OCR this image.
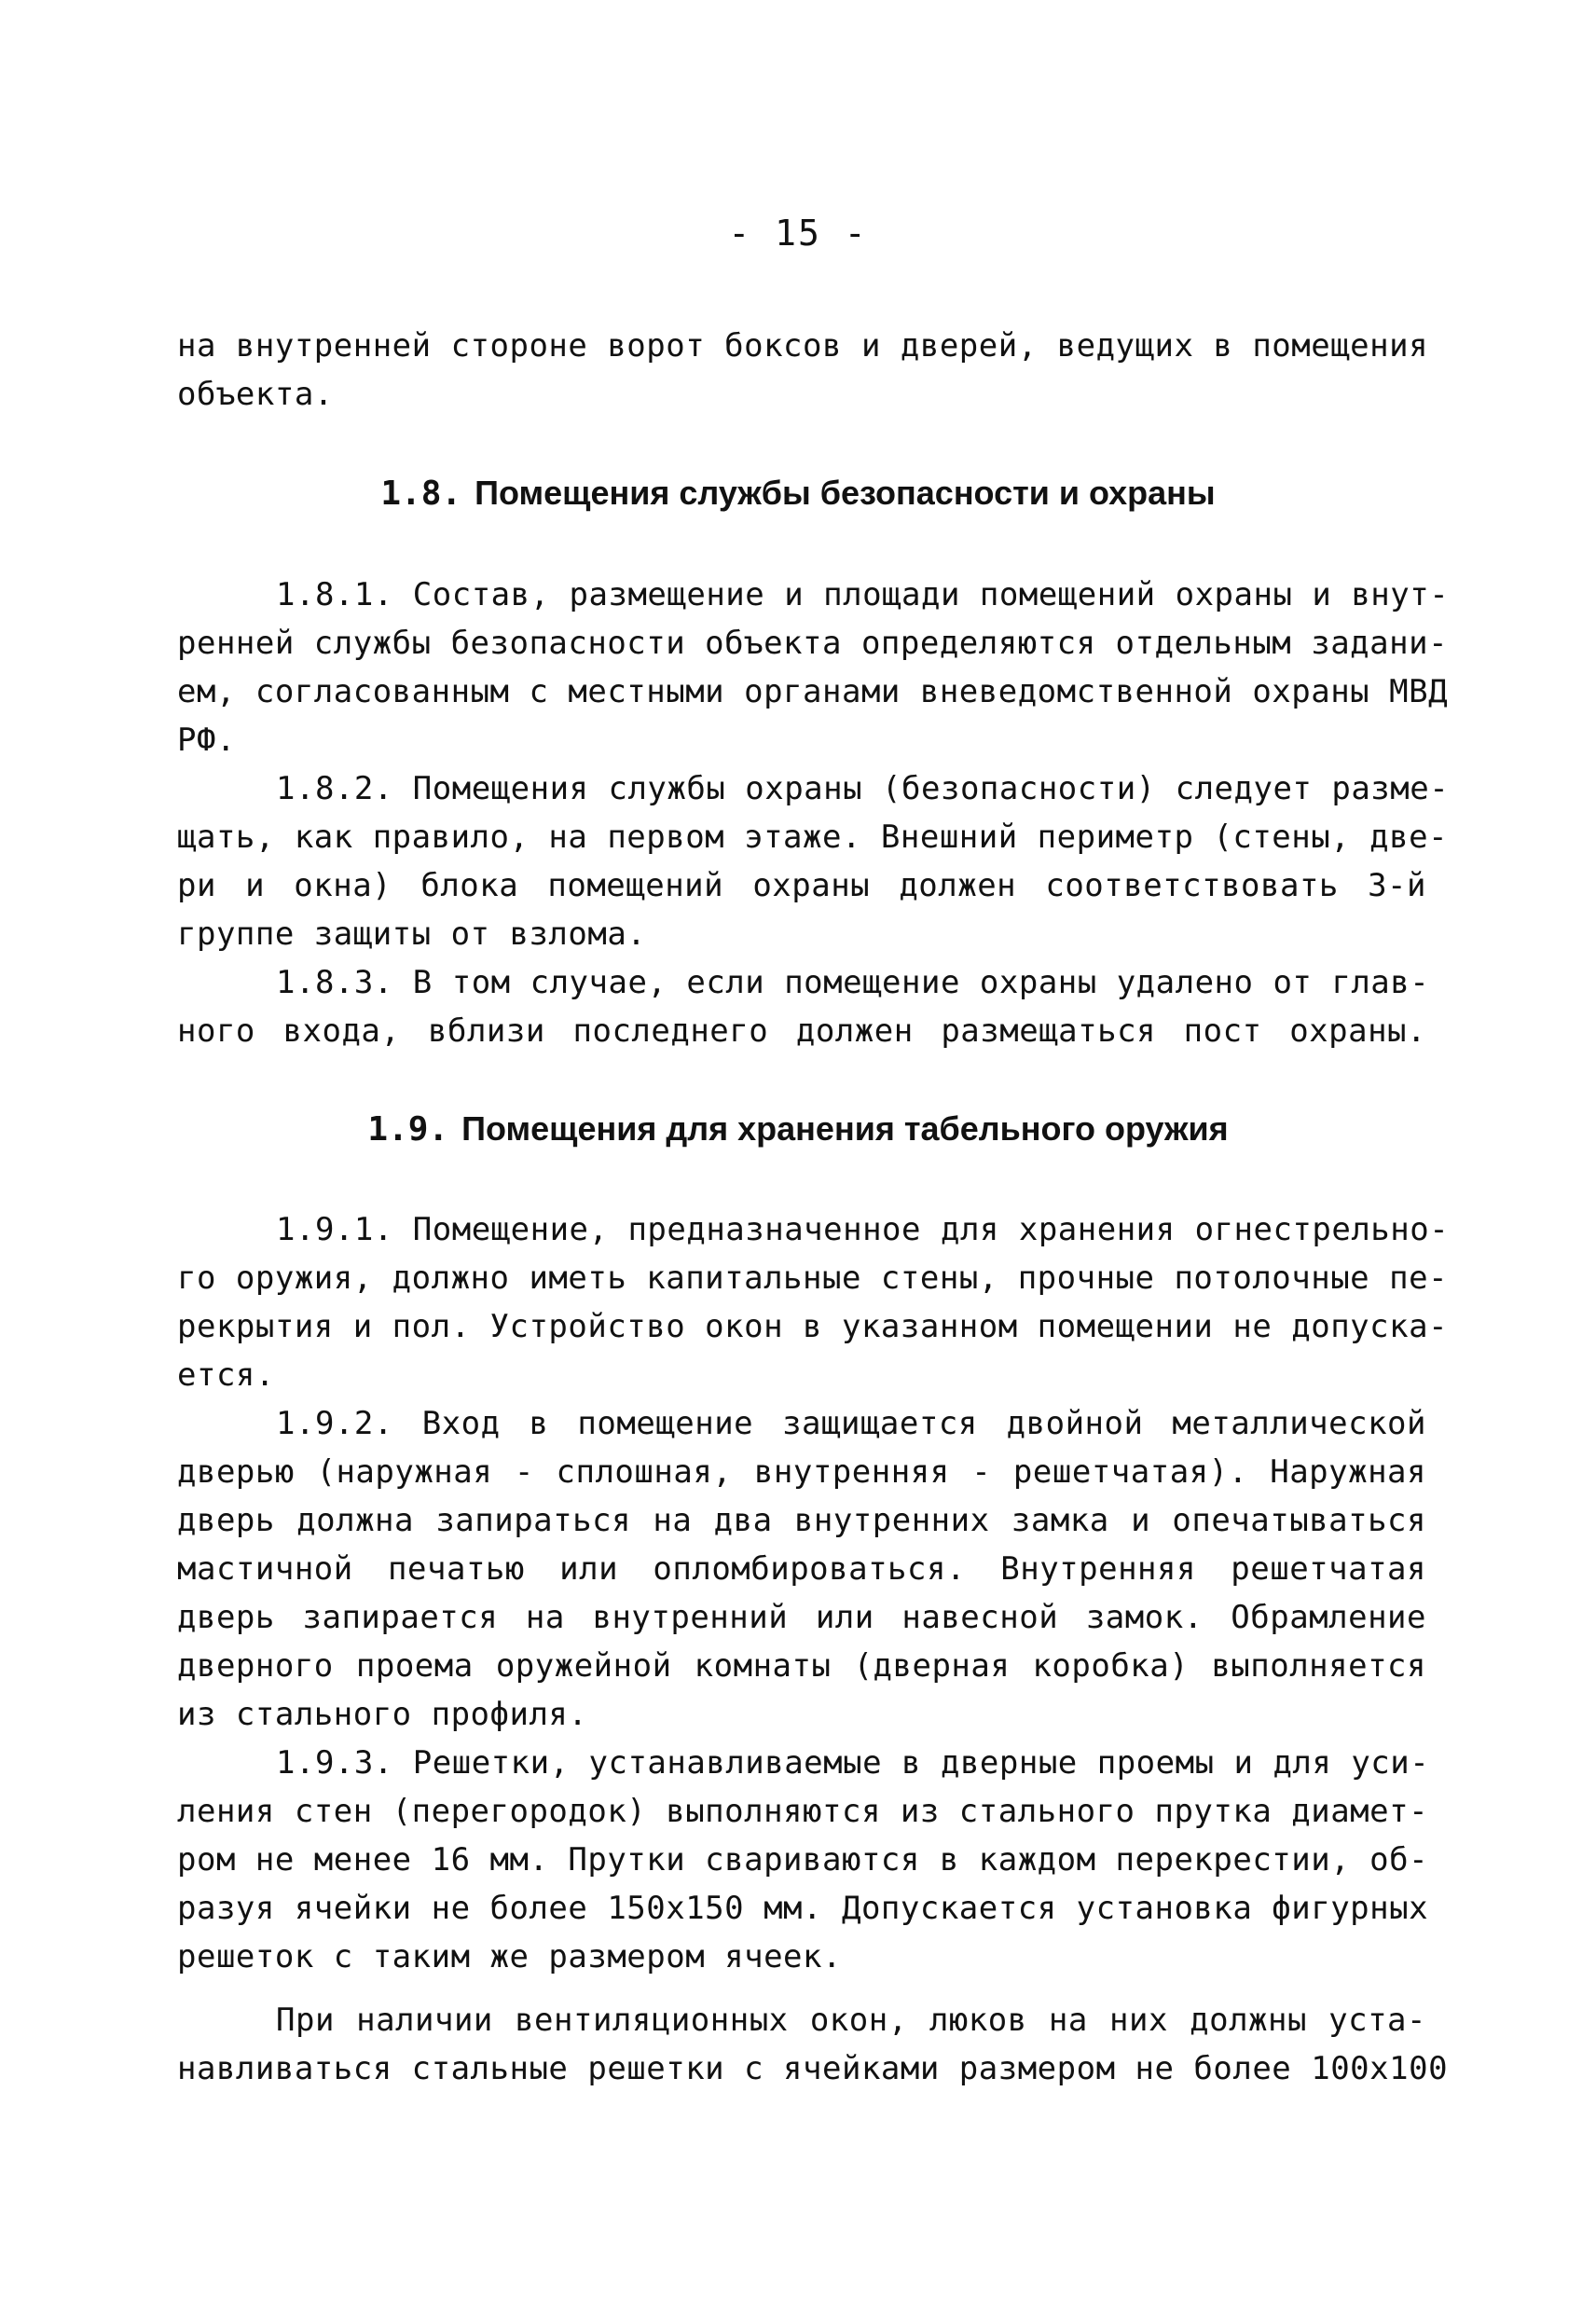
- 15 -
на внутренней стороне ворот боксов и дверей, ведущих в помещения
объекта.
1.8. Помещения службы безопасности и охраны
1.8.1. Состав, размещение и площади помещений охраны и внут-
ренней службы безопасности объекта определяются отдельным задани-
ем, согласованным с местными органами вневедомственной охраны МВД
РФ.
1.8.2. Помещения службы охраны (безопасности) следует разме-
щать, как правило, на первом этаже. Внешний периметр (стены, две-
ри и окна) блока помещений охраны должен соответствовать 3-й
группе защиты от взлома.
1.8.3. В том случае, если помещение охраны удалено от глав-
ного входа, вблизи последнего должен размещаться пост охраны.
1.9. Помещения для хранения табельного оружия
1.9.1. Помещение, предназначенное для хранения огнестрельно-
го оружия, должно иметь капитальные стены, прочные потолочные пе-
рекрытия и пол. Устройство окон в указанном помещении не допуска-
ется.
1.9.2. Вход в помещение защищается двойной металлической
дверью (наружная - сплошная, внутренняя - решетчатая). Наружная
дверь должна запираться на два внутренних замка и опечатываться
мастичной печатью или опломбироваться. Внутренняя решетчатая
дверь запирается на внутренний или навесной замок. Обрамление
дверного проема оружейной комнаты (дверная коробка) выполняется
из стального профиля.
1.9.3. Решетки, устанавливаемые в дверные проемы и для уси-
ления стен (перегородок) выполняются из стального прутка диамет-
ром не менее 16 мм. Прутки свариваются в каждом перекрестии, об-
разуя ячейки не более 150x150 мм. Допускается установка фигурных
решеток с таким же размером ячеек.
При наличии вентиляционных окон, люков на них должны уста-
навливаться стальные решетки с ячейками размером не более 100x100
